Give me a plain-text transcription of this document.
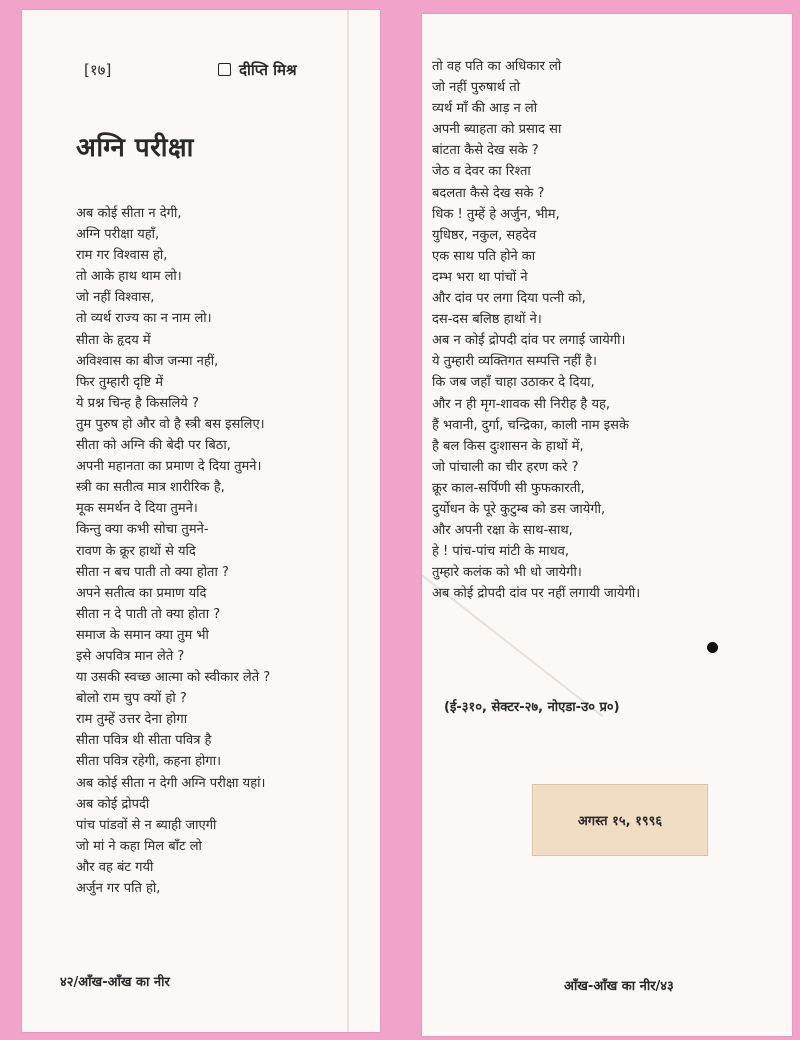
[१७]	दीप्ति मिश्र
अग्नि परीक्षा
अब कोई सीता न देगी,
अग्नि परीक्षा यहाँ,
राम गर विश्वास हो,
तो आके हाथ थाम लो।
जो नहीं विश्वास,
तो व्यर्थ राज्य का न नाम लो।
सीता के हृदय में
अविश्वास का बीज जन्मा नहीं,
फिर तुम्हारी दृष्टि में
ये प्रश्न चिन्ह है किसलिये ?
तुम पुरुष हो और वो है स्त्री बस इसलिए।
सीता को अग्नि की बेदी पर बिठा,
अपनी महानता का प्रमाण दे दिया तुमने।
स्त्री का सतीत्व मात्र शारीरिक है,
मूक समर्थन दे दिया तुमने।
किन्तु क्या कभी सोचा तुमने-
रावण के क्रूर हाथों से यदि
सीता न बच पाती तो क्या होता ?
अपने सतीत्व का प्रमाण यदि
सीता न दे पाती तो क्या होता ?
समाज के समान क्या तुम भी
इसे अपवित्र मान लेते ?
या उसकी स्वच्छ आत्मा को स्वीकार लेते ?
बोलो राम चुप क्यों हो ?
राम तुम्हें उत्तर देना होगा
सीता पवित्र थी सीता पवित्र है
सीता पवित्र रहेगी, कहना होगा।
अब कोई सीता न देगी अग्नि परीक्षा यहां।
अब कोई द्रोपदी
पांच पांडवों से न ब्याही जाएगी
जो मां ने कहा मिल बाँट लो
और वह बंट गयी
अर्जुन गर पति हो,
४२/आँख-आँख का नीर
तो वह पति का अधिकार लो
जो नहीं पुरुषार्थ तो
व्यर्थ माँ की आड़ न लो
अपनी ब्याहता को प्रसाद सा
बांटता कैसे देख सके ?
जेठ व देवर का रिश्ता
बदलता कैसे देख सके ?
धिक ! तुम्हें हे अर्जुन, भीम,
युधिष्ठर, नकुल, सहदेव
एक साथ पति होने का
दम्भ भरा था पांचों ने
और दांव पर लगा दिया पत्नी को,
दस-दस बलिष्ठ हाथों ने।
अब न कोई द्रोपदी दांव पर लगाई जायेगी।
ये तुम्हारी व्यक्तिगत सम्पत्ति नहीं है।
कि जब जहाँ चाहा उठाकर दे दिया,
और न ही मृग-शावक सी निरीह है यह,
हैं भवानी, दुर्गा, चन्द्रिका, काली नाम इसके
है बल किस दुःशासन के हाथों में,
जो पांचाली का चीर हरण करे ?
क्रूर काल-सर्पिणी सी फुफकारती,
दुर्योधन के पूरे कुटुम्ब को डस जायेगी,
और अपनी रक्षा के साथ-साथ,
हे ! पांच-पांच मांटी के माधव,
तुम्हारे कलंक को भी धो जायेगी।
अब कोई द्रोपदी दांव पर नहीं लगायी जायेगी।
(ई-३१०, सेक्टर-२७, नोएडा-उ० प्र०)
अगस्त १५, १९९६
आँख-आँख का नीर/४३
